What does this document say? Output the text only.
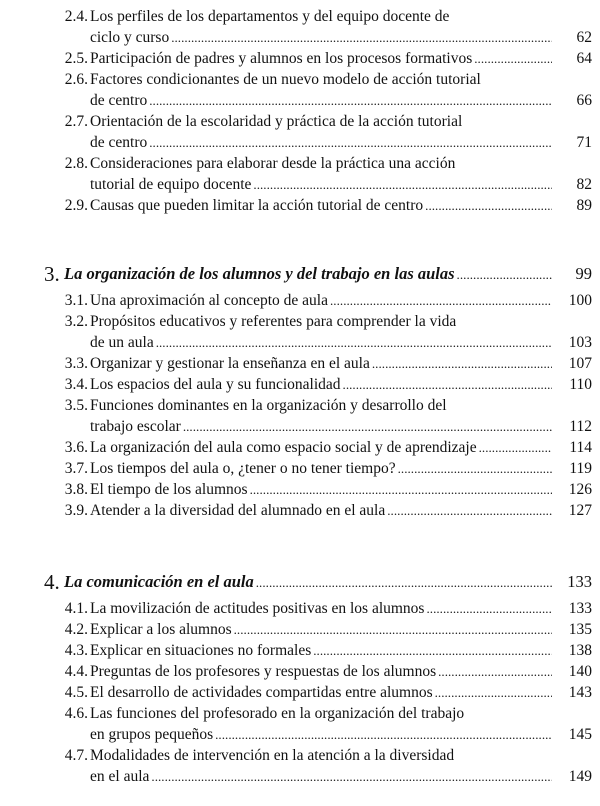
2.4. Los perfiles de los departamentos y del equipo docente de
ciclo y curso . . .	62
2.5. Participación de padres y alumnos en los procesos formativos . . .	64
2.6. Factores condicionantes de un nuevo modelo de acción tutorial
de centro . . .	66
2.7. Orientación de la escolaridad y práctica de la acción tutorial
de centro . . .	71
2.8. Consideraciones para elaborar desde la práctica una acción
tutorial de equipo docente . . .	82
2.9. Causas que pueden limitar la acción tutorial de centro . . .	89
3. La organización de los alumnos y del trabajo en las aulas . . .	99
3.1. Una aproximación al concepto de aula . . .	100
3.2. Propósitos educativos y referentes para comprender la vida
de un aula . . .	103
3.3. Organizar y gestionar la enseñanza en el aula . . .	107
3.4. Los espacios del aula y su funcionalidad . . .	110
3.5. Funciones dominantes en la organización y desarrollo del
trabajo escolar . . .	112
3.6. La organización del aula como espacio social y de aprendizaje . . .	114
3.7. Los tiempos del aula o, ¿tener o no tener tiempo? . . .	119
3.8. El tiempo de los alumnos . . .	126
3.9. Atender a la diversidad del alumnado en el aula . . .	127
4. La comunicación en el aula . . .	133
4.1. La movilización de actitudes positivas en los alumnos . . .	133
4.2. Explicar a los alumnos . . .	135
4.3. Explicar en situaciones no formales . . .	138
4.4. Preguntas de los profesores y respuestas de los alumnos . . .	140
4.5. El desarrollo de actividades compartidas entre alumnos . . .	143
4.6. Las funciones del profesorado en la organización del trabajo
en grupos pequeños . . .	145
4.7. Modalidades de intervención en la atención a la diversidad
en el aula . . .	149
